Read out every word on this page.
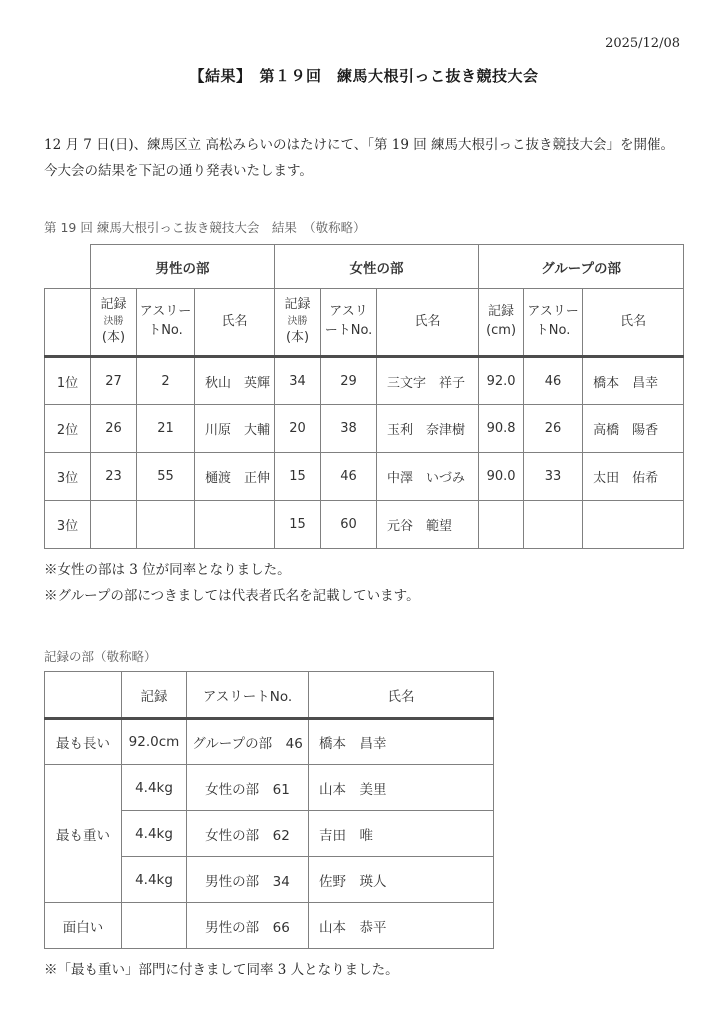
2025/12/08
【結果】　第１９回　練馬大根引っこ抜き競技大会

12 月 7 日(日)、練馬区立 高松みらいのはたけにて、「第 19 回 練馬大根引っこ抜き競技大会」を開催。
今大会の結果を下記の通り発表いたします。

第 19 回 練馬大根引っこ抜き競技大会　結果　（敬称略）

	男性の部			女性の部			グループの部		

	記録
決勝
(本)	アスリートNo.	氏名	記録
決勝
(本)	アスリートNo.	氏名	記録
(cm)	アスリートNo.	氏名
1位	27	2	秋山　英輝	34	29	三文字　祥子	92.0	46	橋本　昌幸
2位	26	21	川原　大輔	20	38	玉利　奈津樹	90.8	26	高橋　陽香
3位	23	55	樋渡　正伸	15	46	中澤　いづみ	90.0	33	太田　佑希
3位				15	60	元谷　範望			

※女性の部は 3 位が同率となりました。
※グループの部につきましては代表者氏名を記載しています。

記録の部（敬称略）

	記録	アスリートNo.	氏名
最も長い	92.0cm	グループの部　46	橋本　昌幸
最も重い	4.4kg	女性の部　61	山本　美里
	4.4kg	女性の部　62	吉田　唯
	4.4kg	男性の部　34	佐野　瑛人
面白い		男性の部　66	山本　恭平

※「最も重い」部門に付きまして同率 3 人となりました。
